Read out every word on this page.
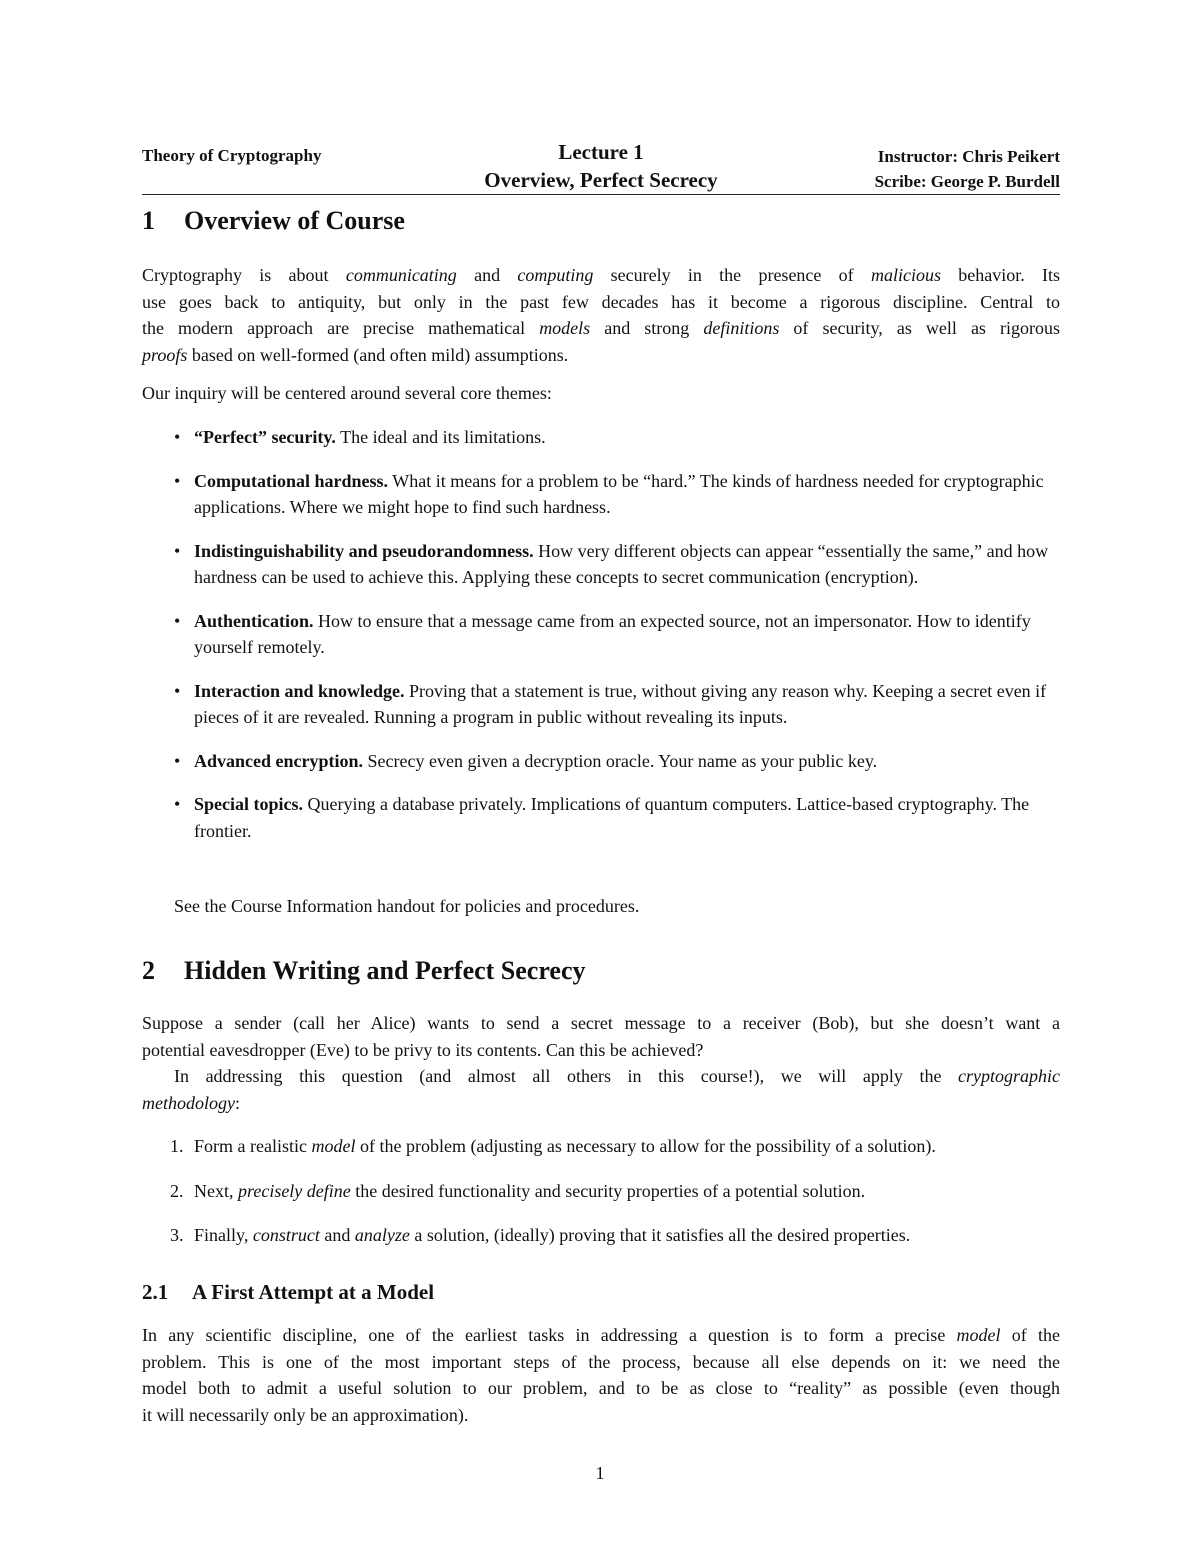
Theory of Cryptography	Lecture 1
Overview, Perfect Secrecy
Instructor: Chris Peikert
Scribe: George P. Burdell
1 Overview of Course
Cryptography is about communicating and computing securely in the presence of malicious behavior. Its
use goes back to antiquity, but only in the past few decades has it become a rigorous discipline. Central to
the modern approach are precise mathematical models and strong definitions of security, as well as rigorous
proofs based on well-formed (and often mild) assumptions.
Our inquiry will be centered around several core themes:
• “Perfect” security. The ideal and its limitations.
• Computational hardness. What it means for a problem to be “hard.” The kinds of hardness needed for cryptographic applications. Where we might hope to find such hardness.
• Indistinguishability and pseudorandomness. How very different objects can appear “essentially the same,” and how hardness can be used to achieve this. Applying these concepts to secret communication (encryption).
• Authentication. How to ensure that a message came from an expected source, not an impersonator. How to identify yourself remotely.
• Interaction and knowledge. Proving that a statement is true, without giving any reason why. Keeping a secret even if pieces of it are revealed. Running a program in public without revealing its inputs.
• Advanced encryption. Secrecy even given a decryption oracle. Your name as your public key.
• Special topics. Querying a database privately. Implications of quantum computers. Lattice-based cryptography. The frontier.
See the Course Information handout for policies and procedures.
2 Hidden Writing and Perfect Secrecy
Suppose a sender (call her Alice) wants to send a secret message to a receiver (Bob), but she doesn’t want a
potential eavesdropper (Eve) to be privy to its contents. Can this be achieved?
In addressing this question (and almost all others in this course!), we will apply the cryptographic
methodology:
1. Form a realistic model of the problem (adjusting as necessary to allow for the possibility of a solution).
2. Next, precisely define the desired functionality and security properties of a potential solution.
3. Finally, construct and analyze a solution, (ideally) proving that it satisfies all the desired properties.
2.1 A First Attempt at a Model
In any scientific discipline, one of the earliest tasks in addressing a question is to form a precise model of the
problem. This is one of the most important steps of the process, because all else depends on it: we need the
model both to admit a useful solution to our problem, and to be as close to “reality” as possible (even though
it will necessarily only be an approximation).
1
